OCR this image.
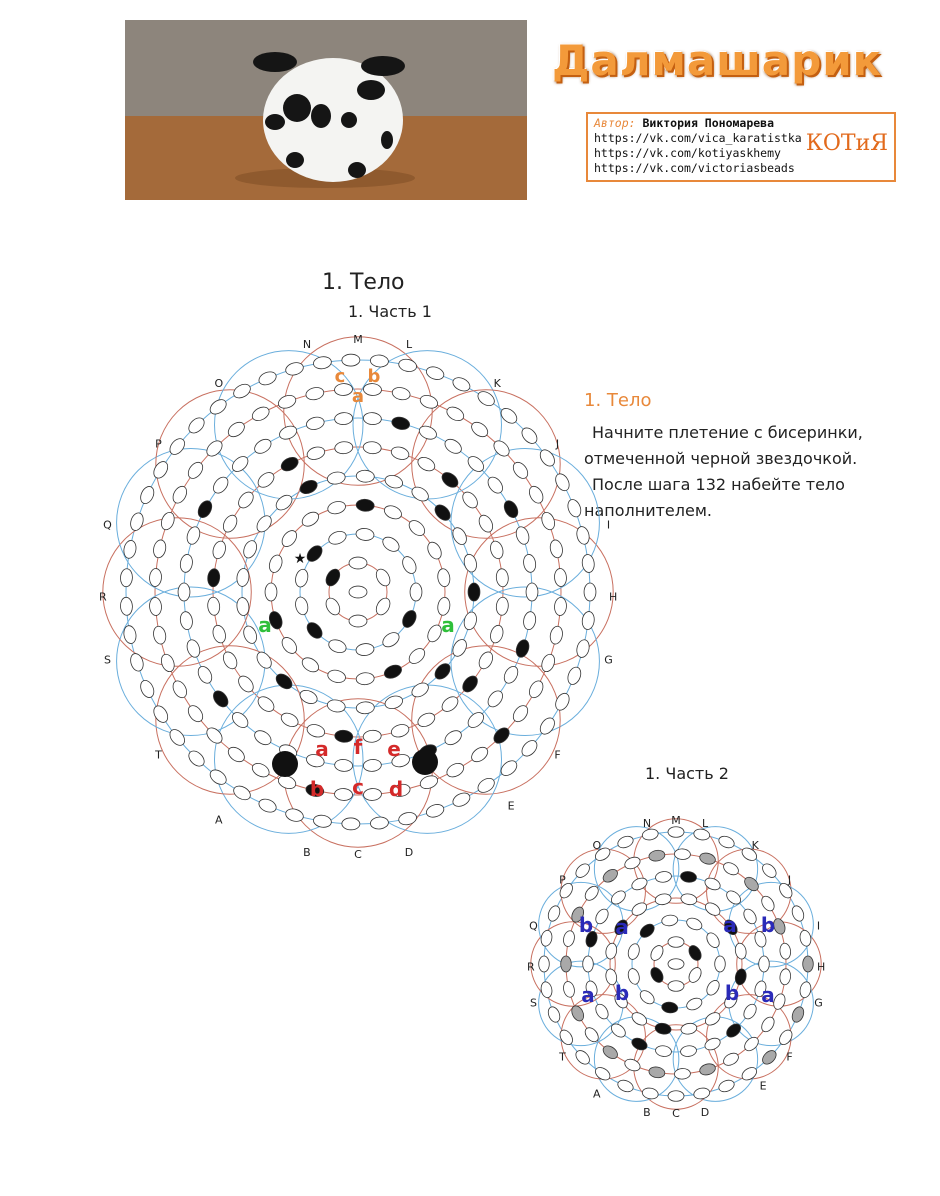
Далмашарик
Автор: Виктория Пономарева
https://vk.com/vica_karatistka
https://vk.com/kotiyaskhemy
https://vk.com/victoriasbeads
КОТиЯ
1. Тело
1. Часть 1
1. Часть 2
1. Тело
Начните плетение с бисеринки, отмеченной черной звездочкой.
После шага 132 набейте тело наполнителем.
N	M	L
O	K
P	J
Q	I
R	H
S	G
T	F
A
E
B	C	D
★
c b
a
a	a
a f e
b c d
N M L
O	K
P	J
Q	I
R	H
S	G
T	F
A
E
B C D
b a	a b
a b	b a
